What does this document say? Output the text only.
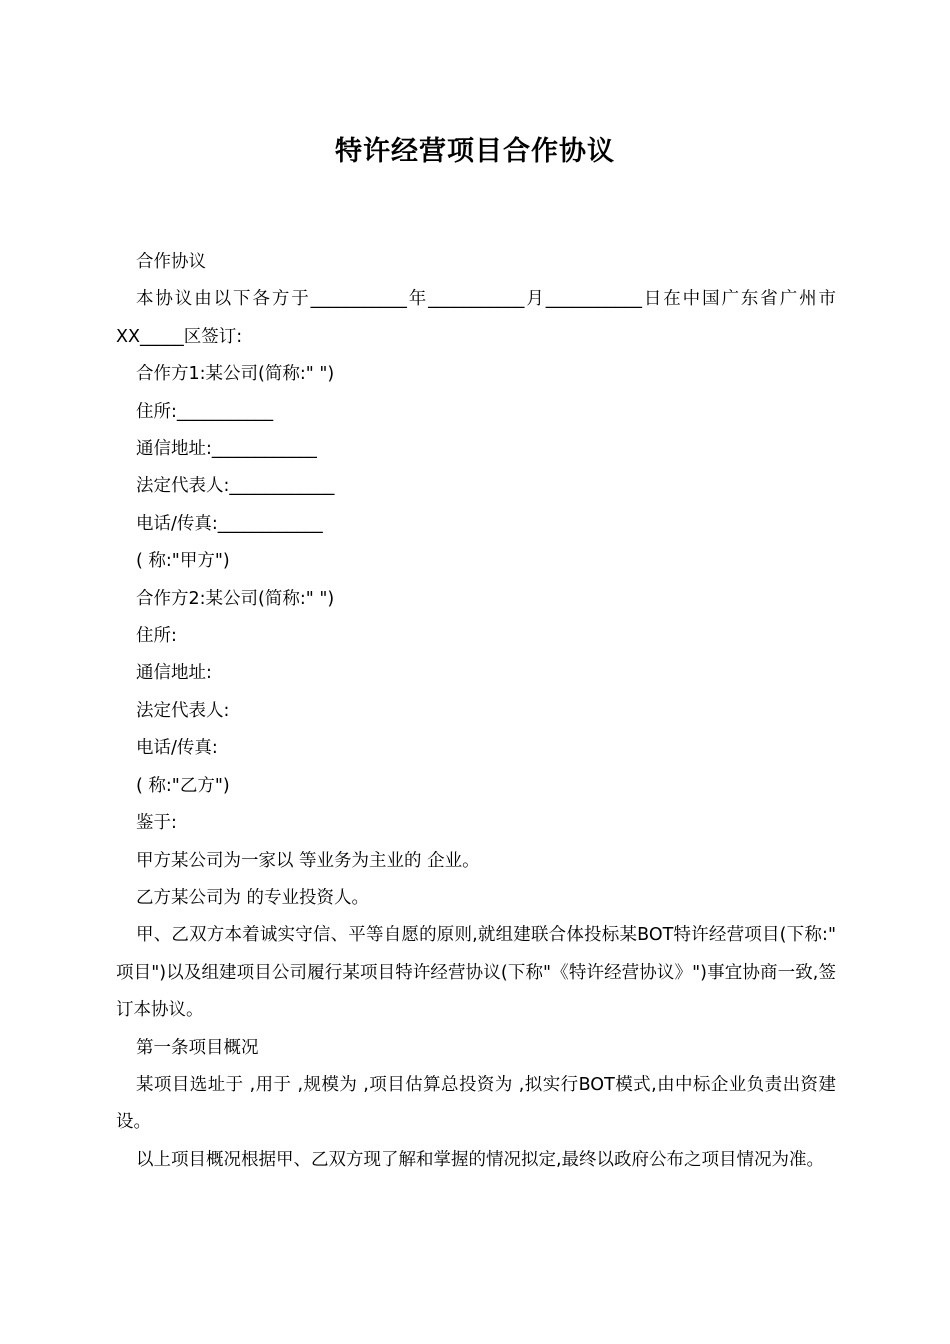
特许经营项目合作协议

合作协议

本协议由以下各方于___________年___________月___________日在中国广东省广州市XX_____区签订:

合作方1:某公司(简称:" ")

住所:___________

通信地址:____________

法定代表人:____________

电话/传真:____________

( 称:"甲方")

合作方2:某公司(简称:" ")

住所:

通信地址:

法定代表人:

电话/传真:

( 称:"乙方")

鉴于:

甲方某公司为一家以 等业务为主业的 企业。

乙方某公司为 的专业投资人。

甲、乙双方本着诚实守信、平等自愿的原则,就组建联合体投标某BOT特许经营项目(下称:" 项目")以及组建项目公司履行某项目特许经营协议(下称"《特许经营协议》")事宜协商一致,签订本协议。

第一条项目概况

某项目选址于 ,用于 ,规模为 ,项目估算总投资为 ,拟实行BOT模式,由中标企业负责出资建设。

以上项目概况根据甲、乙双方现了解和掌握的情况拟定,最终以政府公布之项目情况为准。
